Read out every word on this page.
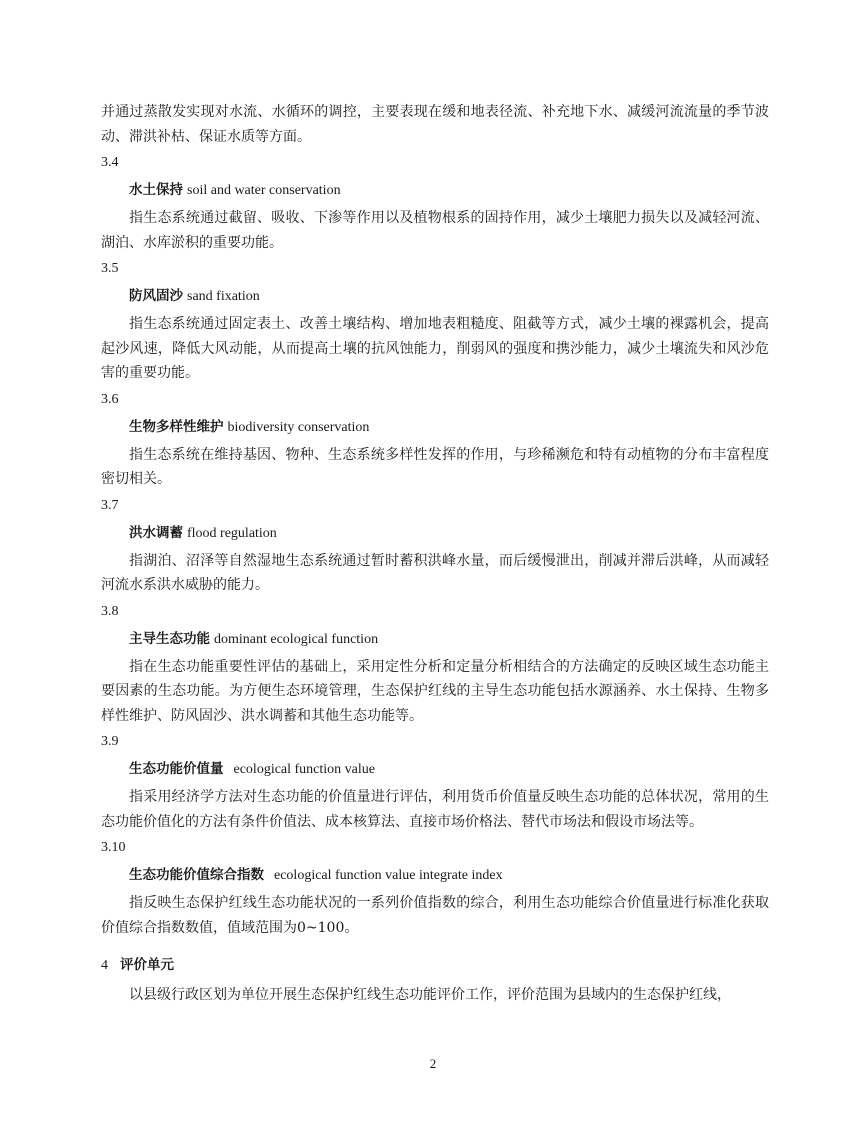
并通过蒸散发实现对水流、水循环的调控，主要表现在缓和地表径流、补充地下水、减缓河流流量的季节波动、滞洪补枯、保证水质等方面。

3.4
水土保持 soil and water conservation

指生态系统通过截留、吸收、下渗等作用以及植物根系的固持作用，减少土壤肥力损失以及减轻河流、湖泊、水库淤积的重要功能。

3.5
防风固沙 sand fixation

指生态系统通过固定表土、改善土壤结构、增加地表粗糙度、阻截等方式，减少土壤的裸露机会，提高起沙风速，降低大风动能，从而提高土壤的抗风蚀能力，削弱风的强度和携沙能力，减少土壤流失和风沙危害的重要功能。

3.6
生物多样性维护 biodiversity conservation

指生态系统在维持基因、物种、生态系统多样性发挥的作用，与珍稀濒危和特有动植物的分布丰富程度密切相关。

3.7
洪水调蓄 flood regulation

指湖泊、沼泽等自然湿地生态系统通过暂时蓄积洪峰水量，而后缓慢泄出，削减并滞后洪峰，从而减轻河流水系洪水威胁的能力。

3.8
主导生态功能 dominant ecological function

指在生态功能重要性评估的基础上，采用定性分析和定量分析相结合的方法确定的反映区域生态功能主要因素的生态功能。为方便生态环境管理，生态保护红线的主导生态功能包括水源涵养、水土保持、生物多样性维护、防风固沙、洪水调蓄和其他生态功能等。

3.9
生态功能价值量 ecological function value

指采用经济学方法对生态功能的价值量进行评估，利用货币价值量反映生态功能的总体状况，常用的生态功能价值化的方法有条件价值法、成本核算法、直接市场价格法、替代市场法和假设市场法等。

3.10
生态功能价值综合指数 ecological function value integrate index

指反映生态保护红线生态功能状况的一系列价值指数的综合，利用生态功能综合价值量进行标准化获取价值综合指数数值，值域范围为0~100。

4 评价单元

以县级行政区划为单位开展生态保护红线生态功能评价工作，评价范围为县域内的生态保护红线，

2
